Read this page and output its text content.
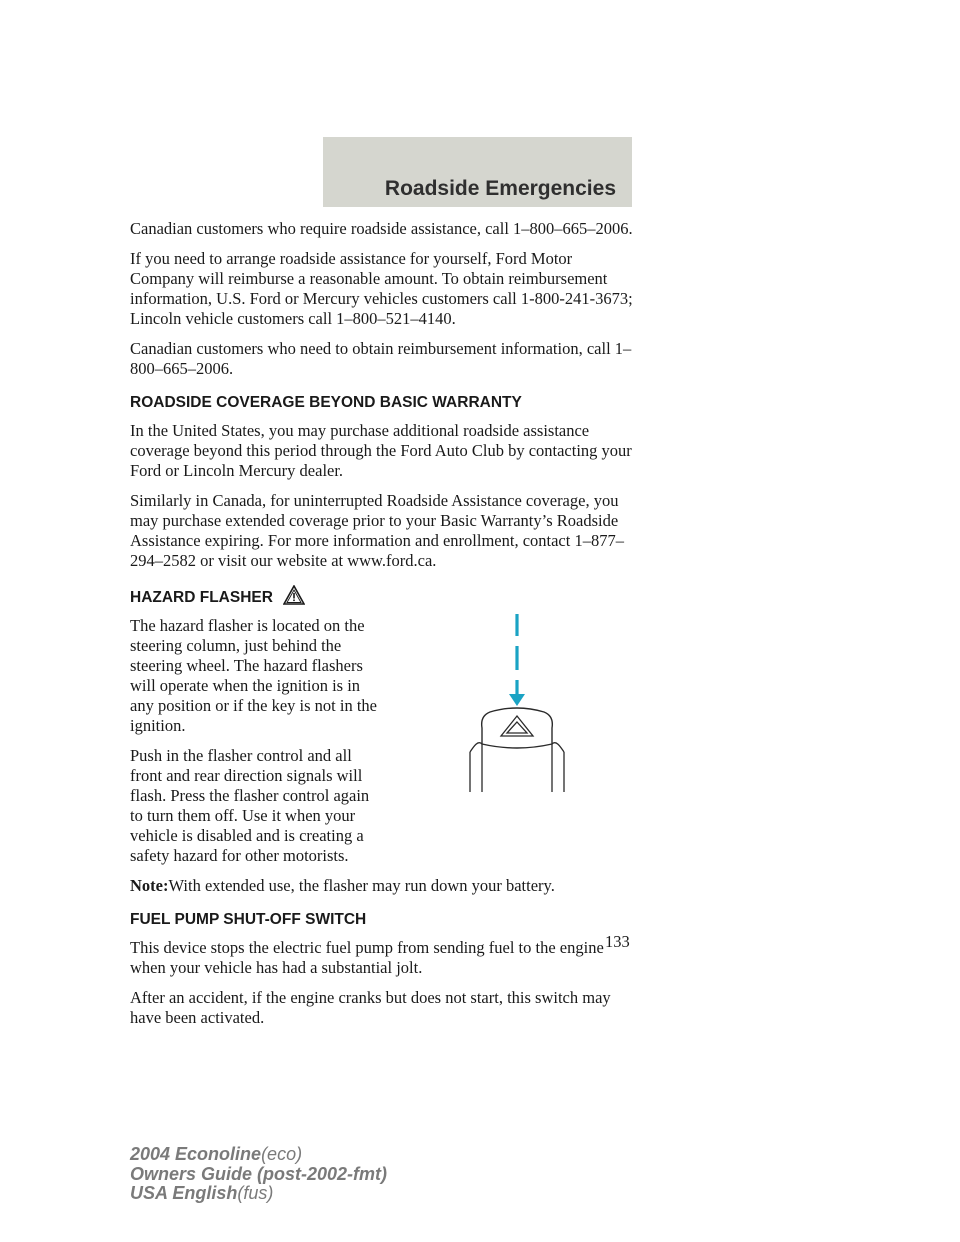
Roadside Emergencies

Canadian customers who require roadside assistance, call 1–800–665–2006.

If you need to arrange roadside assistance for yourself, Ford Motor Company will reimburse a reasonable amount. To obtain reimbursement information, U.S. Ford or Mercury vehicles customers call 1-800-241-3673; Lincoln vehicle customers call 1–800–521–4140.

Canadian customers who need to obtain reimbursement information, call 1–800–665–2006.

ROADSIDE COVERAGE BEYOND BASIC WARRANTY

In the United States, you may purchase additional roadside assistance coverage beyond this period through the Ford Auto Club by contacting your Ford or Lincoln Mercury dealer.

Similarly in Canada, for uninterrupted Roadside Assistance coverage, you may purchase extended coverage prior to your Basic Warranty’s Roadside Assistance expiring. For more information and enrollment, contact 1–877–294–2582 or visit our website at www.ford.ca.

HAZARD FLASHER

The hazard flasher is located on the steering column, just behind the steering wheel. The hazard flashers will operate when the ignition is in any position or if the key is not in the ignition.

Push in the flasher control and all front and rear direction signals will flash. Press the flasher control again to turn them off. Use it when your vehicle is disabled and is creating a safety hazard for other motorists.

Note:With extended use, the flasher may run down your battery.

FUEL PUMP SHUT-OFF SWITCH

This device stops the electric fuel pump from sending fuel to the engine when your vehicle has had a substantial jolt.

After an accident, if the engine cranks but does not start, this switch may have been activated.

133

2004 Econoline(eco)
Owners Guide (post-2002-fmt)
USA English(fus)
